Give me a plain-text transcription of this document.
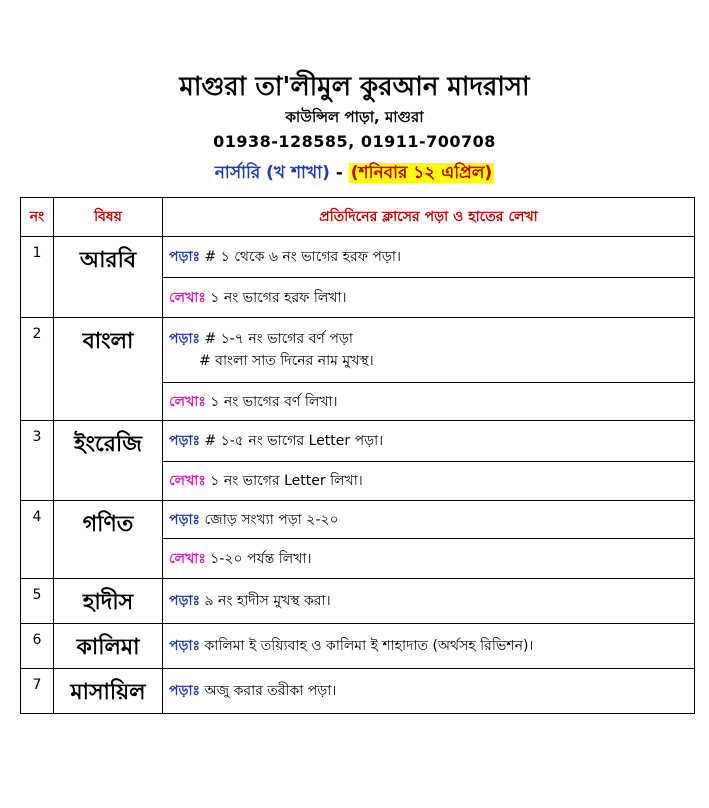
মাগুরা তা'লীমুল কুরআন মাদরাসা
কাউন্সিল পাড়া, মাগুরা
01938-128585, 01911-700708
নার্সারি (খ শাখা) - (শনিবার ১২ এপ্রিল)
নং	বিষয়	প্রতিদিনের ক্লাসের পড়া ও হাতের লেখা
1	আরবি	পড়াঃ # ১ থেকে ৬ নং ভাগের হরফ পড়া।
		লেখাঃ ১ নং ভাগের হরফ লিখা।
2	বাংলা	পড়াঃ # ১-৭ নং ভাগের বর্ণ পড়া
# বাংলা সাত দিনের নাম মুখস্থ।

		লেখাঃ ১ নং ভাগের বর্ণ লিখা।
3	ইংরেজি	পড়াঃ # ১-৫ নং ভাগের Letter পড়া।
		লেখাঃ ১ নং ভাগের Letter লিখা।
4	গণিত	পড়াঃ জোড় সংখ্যা পড়া ২-২০
		লেখাঃ ১-২০ পর্যন্ত লিখা।
5	হাদীস	পড়াঃ ৯ নং হাদীস মুখস্থ করা।
6	কালিমা	পড়াঃ কালিমা ই তয়্যিবাহ ও কালিমা ই শাহাদাত (অর্থসহ রিভিশন)।
7	মাসায়িল	পড়াঃ অজু করার তরীকা পড়া।
